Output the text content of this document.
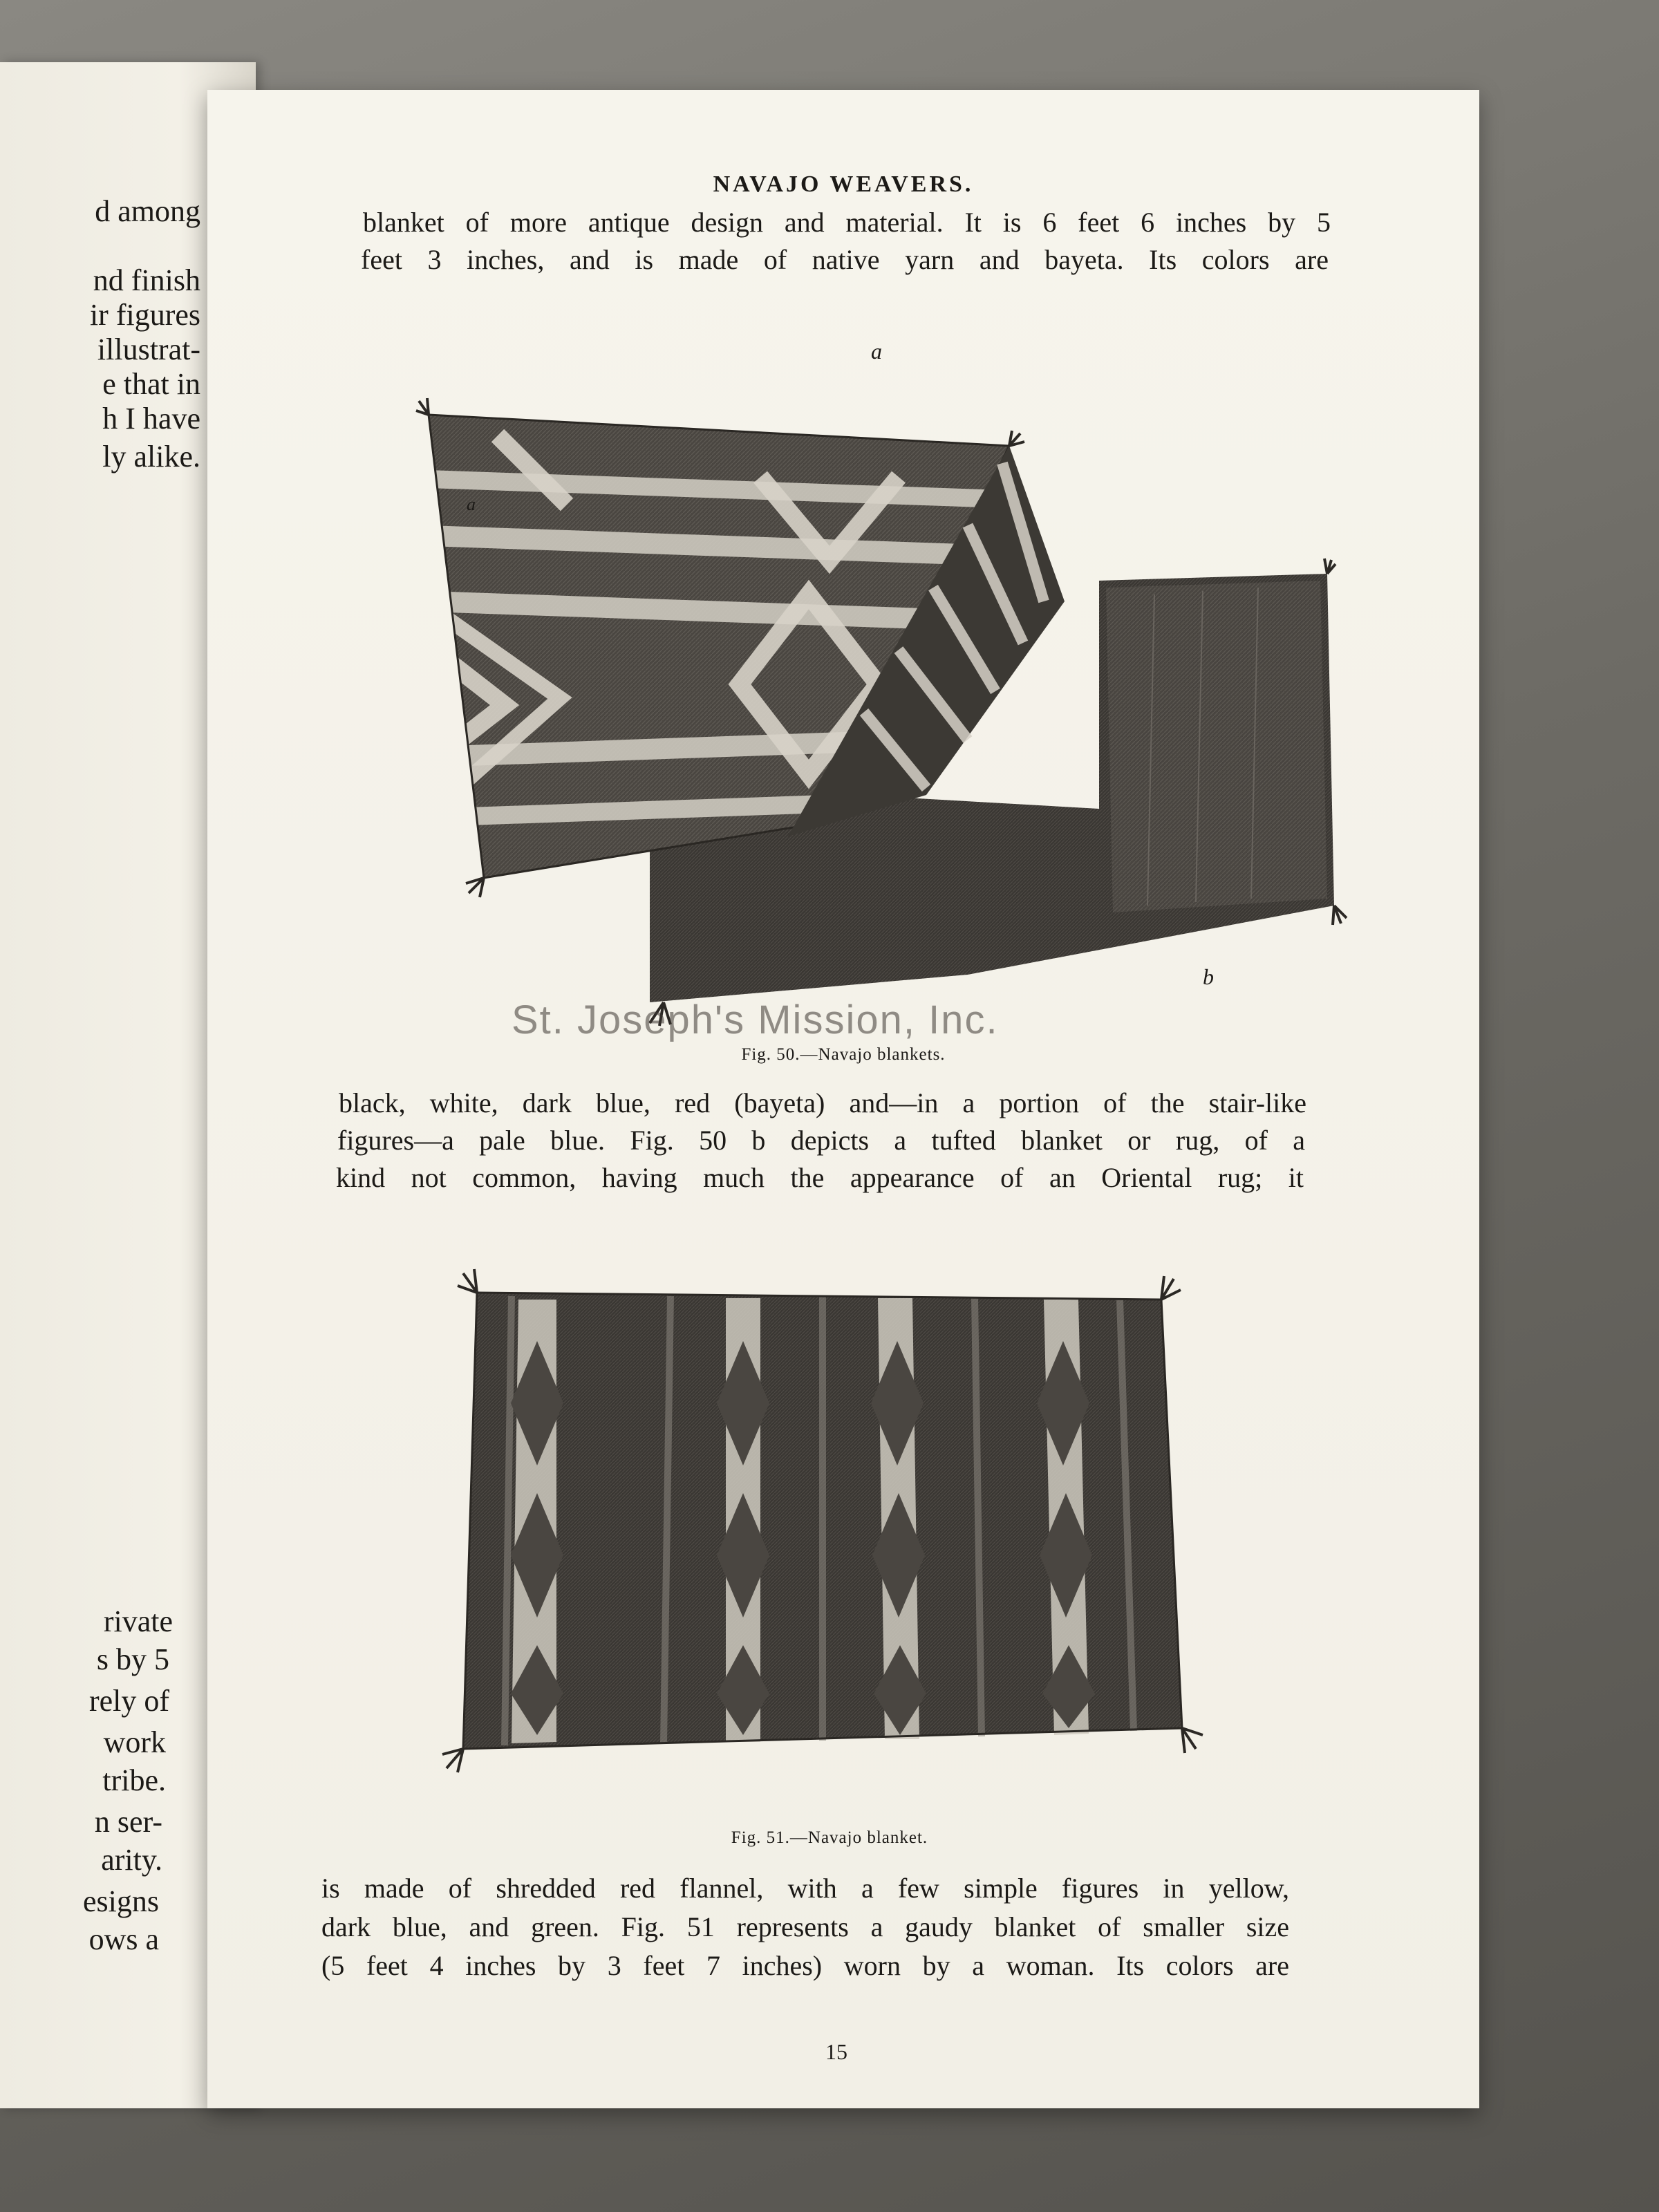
d among
nd finish
ir figures
illustrat-
e that in
h I have
ly alike.
rivate
s by 5
rely of
work
tribe.
n ser-
arity.
esigns
ows a
NAVAJO WEAVERS.
blanket of more antique design and material. It is 6 feet 6 inches by 5
feet 3 inches, and is made of native yarn and bayeta. Its colors are
a
a
b
Fig. 50.—Navajo blankets.
black, white, dark blue, red (bayeta) and—in a portion of the stair-like
figures—a pale blue. Fig. 50 b depicts a tufted blanket or rug, of a
kind not common, having much the appearance of an Oriental rug; it
Fig. 51.—Navajo blanket.
is made of shredded red flannel, with a few simple figures in yellow,
dark blue, and green. Fig. 51 represents a gaudy blanket of smaller size
(5 feet 4 inches by 3 feet 7 inches) worn by a woman. Its colors are
15
St. Joseph's Mission, Inc.
